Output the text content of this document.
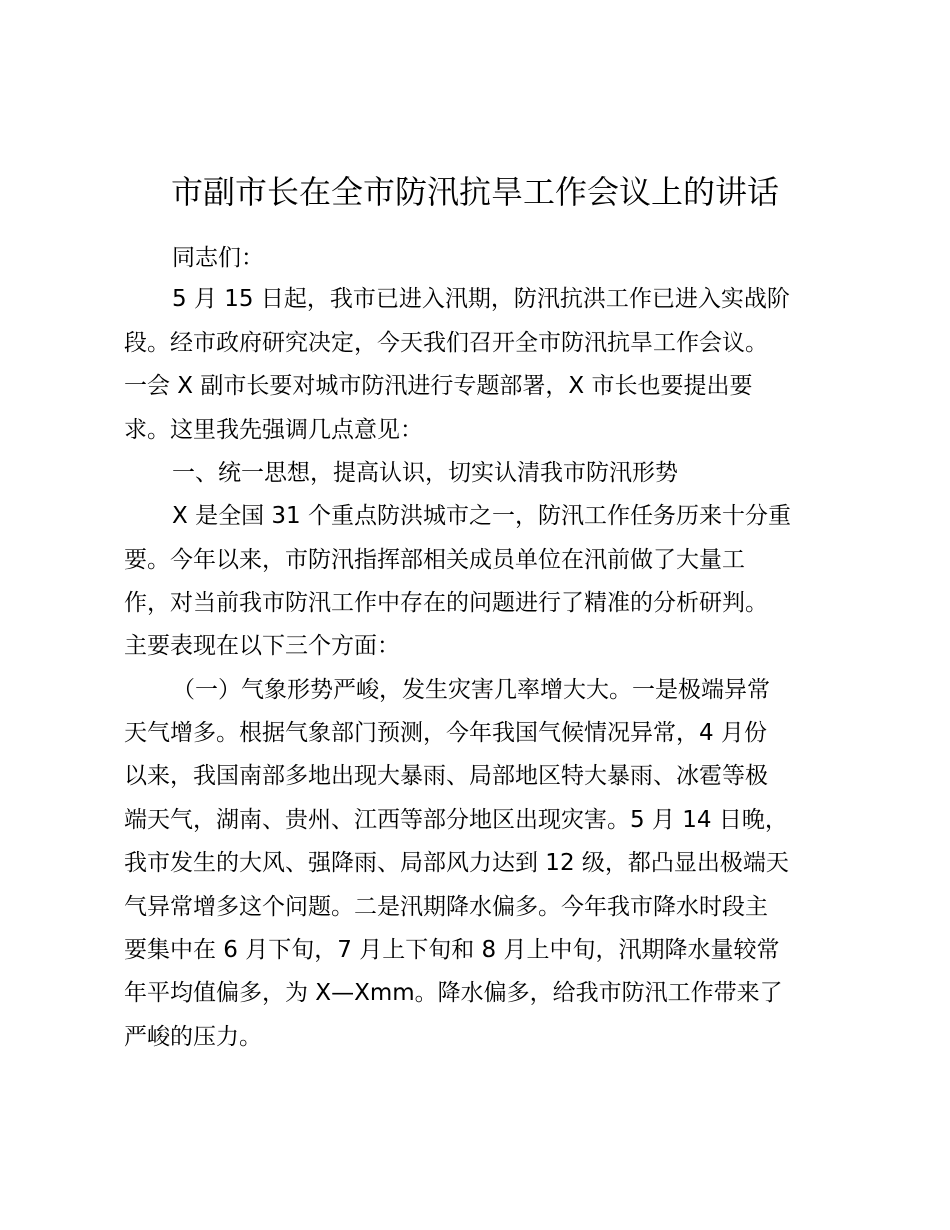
市副市长在全市防汛抗旱工作会议上的讲话
同志们：
5 月 15 日起，我市已进入汛期，防汛抗洪工作已进入实战阶
段。经市政府研究决定，今天我们召开全市防汛抗旱工作会议。
一会 X 副市长要对城市防汛进行专题部署，X 市长也要提出要
求。这里我先强调几点意见：
一、统一思想，提高认识，切实认清我市防汛形势
X 是全国 31 个重点防洪城市之一，防汛工作任务历来十分重
要。今年以来，市防汛指挥部相关成员单位在汛前做了大量工
作，对当前我市防汛工作中存在的问题进行了精准的分析研判。
主要表现在以下三个方面：
（一）气象形势严峻，发生灾害几率增大大。一是极端异常
天气增多。根据气象部门预测，今年我国气候情况异常，4 月份
以来，我国南部多地出现大暴雨、局部地区特大暴雨、冰雹等极
端天气，湖南、贵州、江西等部分地区出现灾害。5 月 14 日晚，
我市发生的大风、强降雨、局部风力达到 12 级，都凸显出极端天
气异常增多这个问题。二是汛期降水偏多。今年我市降水时段主
要集中在 6 月下旬，7 月上下旬和 8 月上中旬，汛期降水量较常
年平均值偏多，为 X—Xmm。降水偏多，给我市防汛工作带来了
严峻的压力。
